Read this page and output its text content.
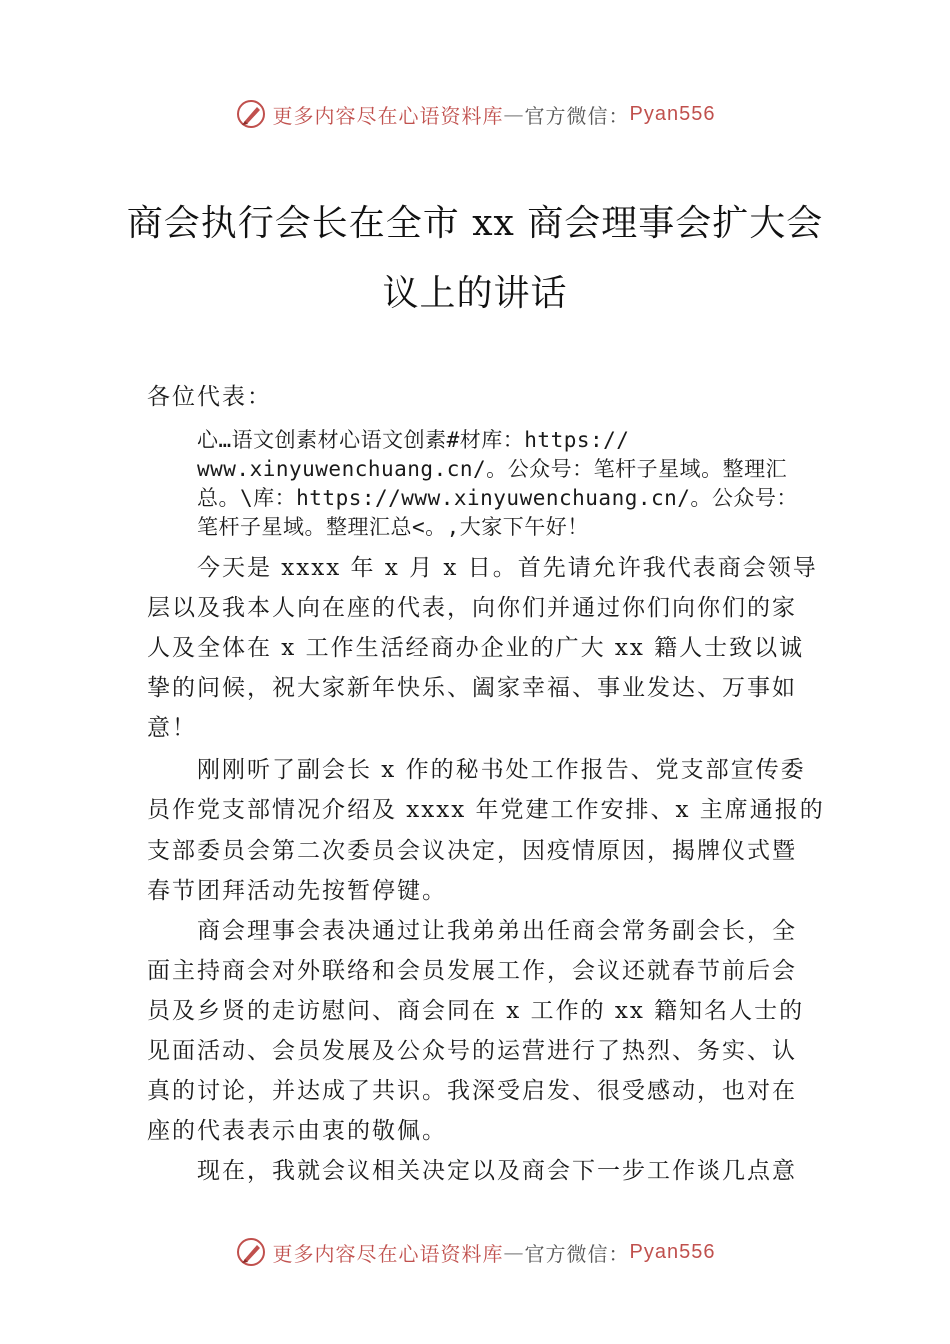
更多内容尽在心语资料库 — 官方微信： Pyan556
商会执行会长在全市 xx 商会理事会扩大会
议上的讲话
各位代表：
心…语文创素材心语文创素#材库：https://
www.xinyuwenchuang.cn/。公众号：笔杆子星域。整理汇
总。\库：https://www.xinyuwenchuang.cn/。公众号：
笔杆子星域。整理汇总<。,大家下午好！
今天是 xxxx 年 x 月 x 日。首先请允许我代表商会领导
层以及我本人向在座的代表，向你们并通过你们向你们的家
人及全体在 x 工作生活经商办企业的广大 xx 籍人士致以诚
挚的问候，祝大家新年快乐、阖家幸福、事业发达、万事如
意！
刚刚听了副会长 x 作的秘书处工作报告、党支部宣传委
员作党支部情况介绍及 xxxx 年党建工作安排、x 主席通报的
支部委员会第二次委员会议决定，因疫情原因，揭牌仪式暨
春节团拜活动先按暂停键。
商会理事会表决通过让我弟弟出任商会常务副会长，全
面主持商会对外联络和会员发展工作，会议还就春节前后会
员及乡贤的走访慰问、商会同在 x 工作的 xx 籍知名人士的
见面活动、会员发展及公众号的运营进行了热烈、务实、认
真的讨论，并达成了共识。我深受启发、很受感动，也对在
座的代表表示由衷的敬佩。
现在，我就会议相关决定以及商会下一步工作谈几点意
更多内容尽在心语资料库 — 官方微信： Pyan556
